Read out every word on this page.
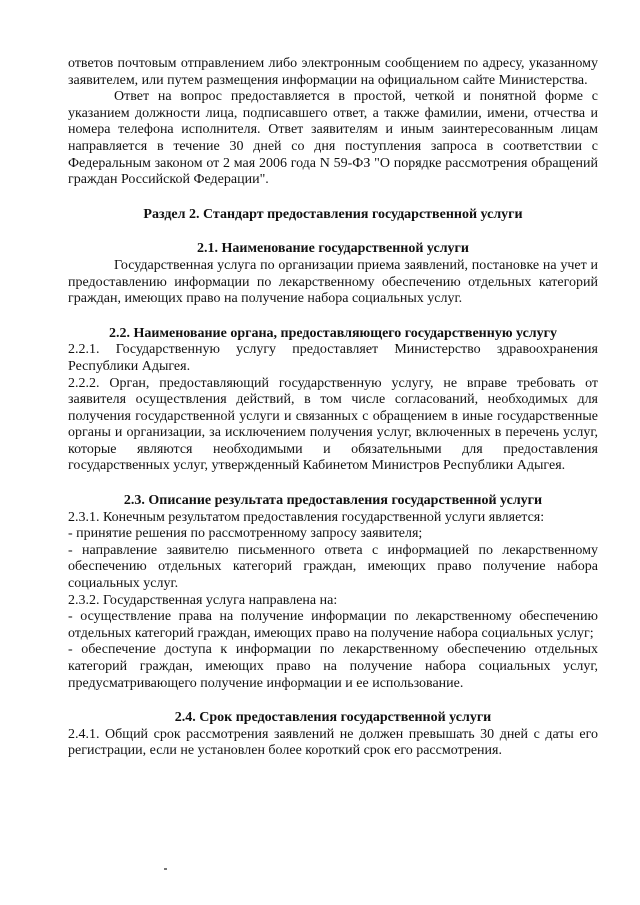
ответов почтовым отправлением либо электронным сообщением по адресу, указанному заявителем, или путем размещения информации на официальном сайте Министерства.

Ответ на вопрос предоставляется в простой, четкой и понятной форме с указанием должности лица, подписавшего ответ, а также фамилии, имени, отчества и номера телефона исполнителя. Ответ заявителям и иным заинтересованным лицам направляется в течение 30 дней со дня поступления запроса в соответствии с Федеральным законом от 2 мая 2006 года N 59-ФЗ "О порядке рассмотрения обращений граждан Российской Федерации".

Раздел 2. Стандарт предоставления государственной услуги
2.1. Наименование государственной услуги

Государственная услуга по организации приема заявлений, постановке на учет и предоставлению информации по лекарственному обеспечению отдельных категорий граждан, имеющих право на получение набора социальных услуг.

2.2. Наименование органа, предоставляющего государственную услугу

2.2.1. Государственную услугу предоставляет Министерство здравоохранения Республики Адыгея.

2.2.2. Орган, предоставляющий государственную услугу, не вправе требовать от заявителя осуществления действий, в том числе согласований, необходимых для получения государственной услуги и связанных с обращением в иные государственные органы и организации, за исключением получения услуг, включенных в перечень услуг, которые являются необходимыми и обязательными для предоставления государственных услуг, утвержденный Кабинетом Министров Республики Адыгея.

2.3. Описание результата предоставления государственной услуги

2.3.1. Конечным результатом предоставления государственной услуги является:

- принятие решения по рассмотренному запросу заявителя;

- направление заявителю письменного ответа с информацией по лекарственному обеспечению отдельных категорий граждан, имеющих право получение набора социальных услуг.

2.3.2. Государственная услуга направлена на:

- осуществление права на получение информации по лекарственному обеспечению отдельных категорий граждан, имеющих право на получение набора социальных услуг;

- обеспечение доступа к информации по лекарственному обеспечению отдельных категорий граждан, имеющих право на получение набора социальных услуг, предусматривающего получение информации и ее использование.

2.4. Срок предоставления государственной услуги

2.4.1. Общий срок рассмотрения заявлений не должен превышать 30 дней с даты его регистрации, если не установлен более короткий срок его рассмотрения.
